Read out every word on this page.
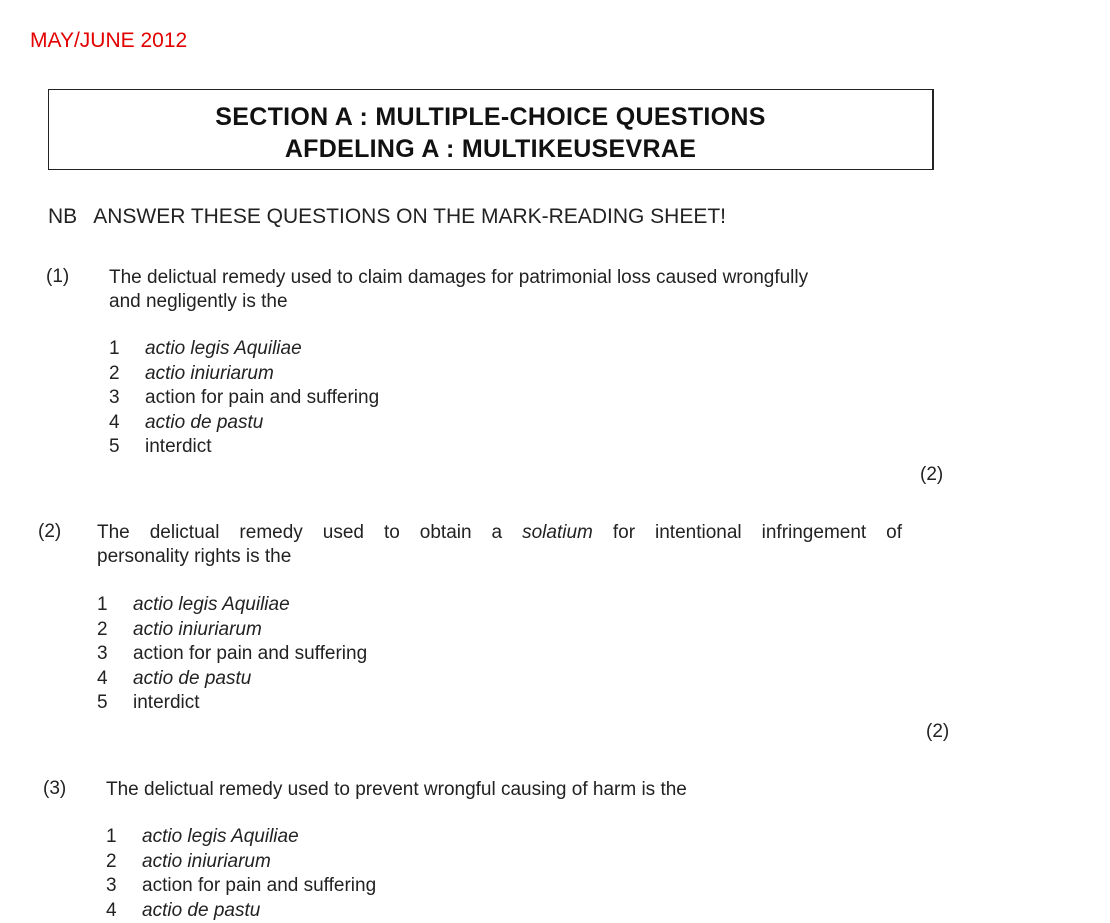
MAY/JUNE 2012
SECTION A : MULTIPLE-CHOICE QUESTIONS
AFDELING A : MULTIKEUSEVRAE
NB ANSWER THESE QUESTIONS ON THE MARK-READING SHEET!
(1) The delictual remedy used to claim damages for patrimonial loss caused wrongfully
and negligently is the
1 actio legis Aquiliae
2 actio iniuriarum
3 action for pain and suffering
4 actio de pastu
5 interdict
(2)
(2) The delictual remedy used to obtain a solatium for intentional infringement of
personality rights is the
1 actio legis Aquiliae
2 actio iniuriarum
3 action for pain and suffering
4 actio de pastu
5 interdict
(2)
(3) The delictual remedy used to prevent wrongful causing of harm is the
1 actio legis Aquiliae
2 actio iniuriarum
3 action for pain and suffering
4 actio de pastu
